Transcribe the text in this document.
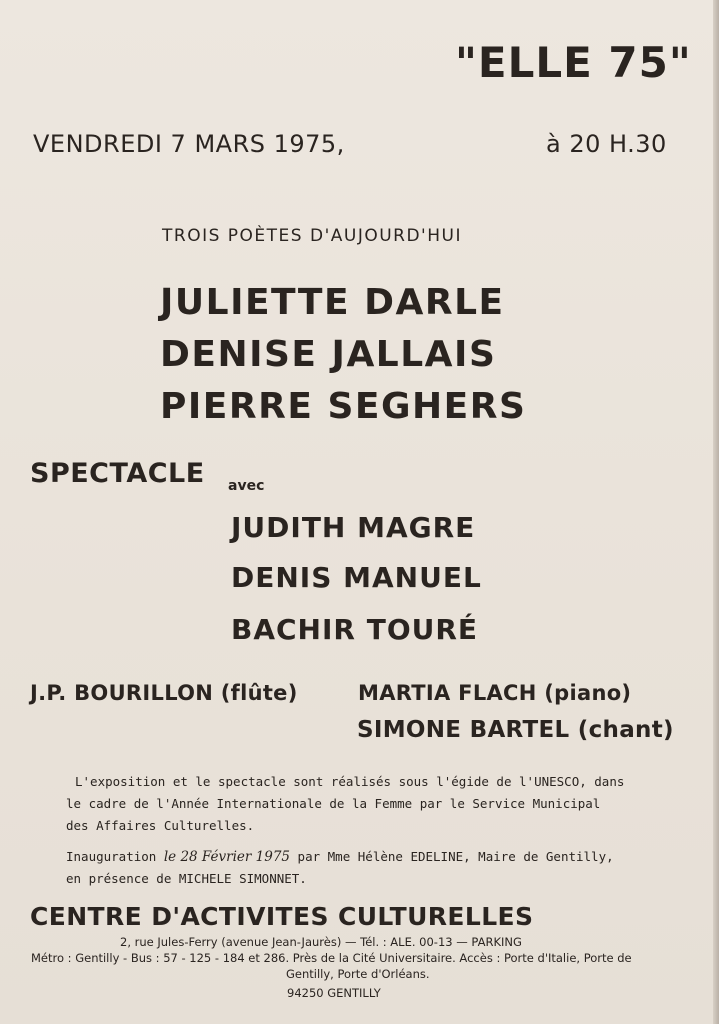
"ELLE 75"
VENDREDI 7 MARS 1975,	à 20 H.30
TROIS POÈTES D'AUJOURD'HUI
JULIETTE DARLE
DENISE JALLAIS
PIERRE SEGHERS
SPECTACLE avec
JUDITH MAGRE
DENIS MANUEL
BACHIR TOURÉ
J.P. BOURILLON (flûte)	MARTIA FLACH (piano)
SIMONE BARTEL (chant)
L'exposition et le spectacle sont réalisés sous l'égide de l'UNESCO, dans
le cadre de l'Année Internationale de la Femme par le Service Municipal
des Affaires Culturelles.
Inauguration le 28 Février 1975 par Mme Hélène EDELINE, Maire de Gentilly,
en présence de MICHELE SIMONNET.
CENTRE D'ACTIVITES CULTURELLES
2, rue Jules-Ferry (avenue Jean-Jaurès) — Tél. : ALE. 00-13 — PARKING
Métro : Gentilly - Bus : 57 - 125 - 184 et 286. Près de la Cité Universitaire. Accès : Porte d'Italie, Porte de
Gentilly, Porte d'Orléans.
94250 GENTILLY
